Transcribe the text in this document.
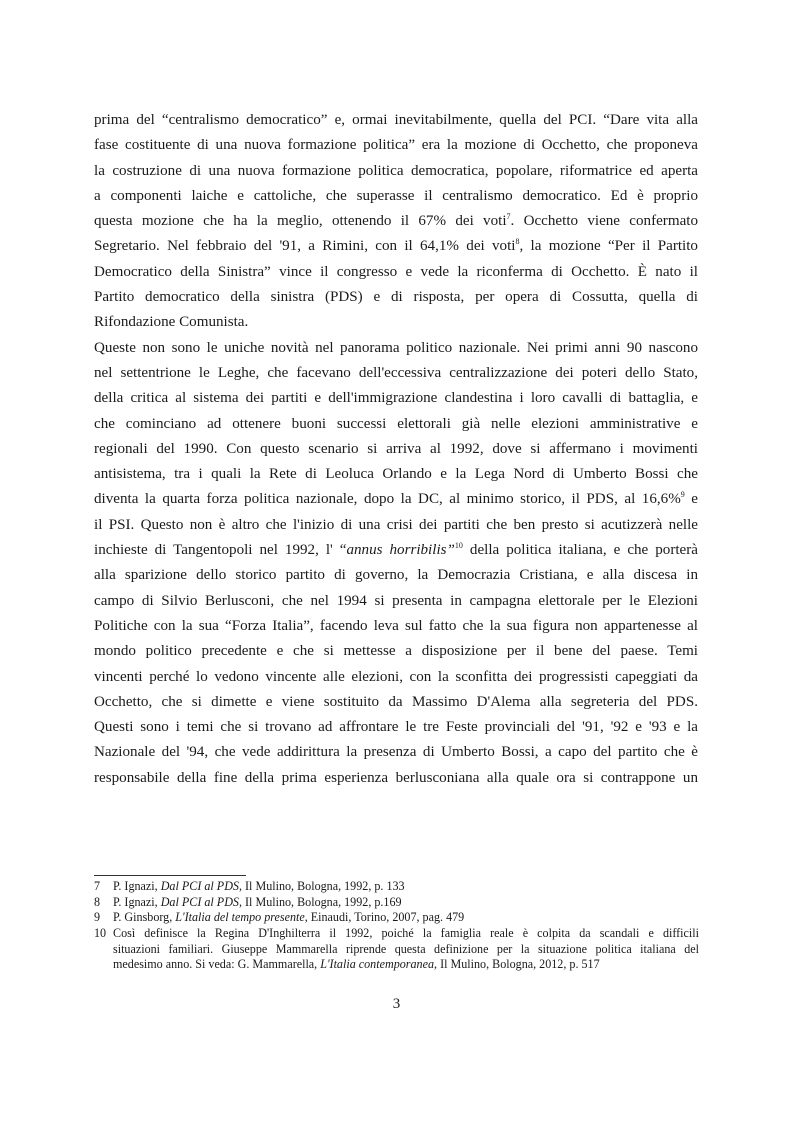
prima del “centralismo democratico” e, ormai inevitabilmente, quella del PCI. “Dare vita alla
fase costituente di una nuova formazione politica” era la mozione di Occhetto, che proponeva
la costruzione di una nuova formazione politica democratica, popolare, riformatrice ed aperta
a componenti laiche e cattoliche, che superasse il centralismo democratico. Ed è proprio
questa mozione che ha la meglio, ottenendo il 67% dei voti$^7$. Occhetto viene confermato
Segretario. Nel febbraio del '91, a Rimini, con il 64,1% dei voti$^8$, la mozione “Per il Partito
Democratico della Sinistra” vince il congresso e vede la riconferma di Occhetto. È nato il
Partito democratico della sinistra (PDS) e di risposta, per opera di Cossutta, quella di
Rifondazione Comunista.
Queste non sono le uniche novità nel panorama politico nazionale. Nei primi anni 90 nascono
nel settentrione le Leghe, che facevano dell'eccessiva centralizzazione dei poteri dello Stato,
della critica al sistema dei partiti e dell'immigrazione clandestina i loro cavalli di battaglia, e
che cominciano ad ottenere buoni successi elettorali già nelle elezioni amministrative e
regionali del 1990. Con questo scenario si arriva al 1992, dove si affermano i movimenti
antisistema, tra i quali la Rete di Leoluca Orlando e la Lega Nord di Umberto Bossi che
diventa la quarta forza politica nazionale, dopo la DC, al minimo storico, il PDS, al 16,6%$^9$ e
il PSI. Questo non è altro che l'inizio di una crisi dei partiti che ben presto si acutizzerà nelle
inchieste di Tangentopoli nel 1992, l' “annus horribilis”$^{10}$ della politica italiana, e che porterà
alla sparizione dello storico partito di governo, la Democrazia Cristiana, e alla discesa in
campo di Silvio Berlusconi, che nel 1994 si presenta in campagna elettorale per le Elezioni
Politiche con la sua “Forza Italia”, facendo leva sul fatto che la sua figura non appartenesse al
mondo politico precedente e che si mettesse a disposizione per il bene del paese. Temi
vincenti perché lo vedono vincente alle elezioni, con la sconfitta dei progressisti capeggiati da
Occhetto, che si dimette e viene sostituito da Massimo D'Alema alla segreteria del PDS.
Questi sono i temi che si trovano ad affrontare le tre Feste provinciali del '91, '92 e '93 e la
Nazionale del '94, che vede addirittura la presenza di Umberto Bossi, a capo del partito che è
responsabile della fine della prima esperienza berlusconiana alla quale ora si contrappone un
7 P. Ignazi, Dal PCI al PDS, Il Mulino, Bologna, 1992, p. 133
8 P. Ignazi, Dal PCI al PDS, Il Mulino, Bologna, 1992, p.169
9 P. Ginsborg, L'Italia del tempo presente, Einaudi, Torino, 2007, pag. 479
10 Così definisce la Regina D'Inghilterra il 1992, poiché la famiglia reale è colpita da scandali e difficili
situazioni familiari. Giuseppe Mammarella riprende questa definizione per la situazione politica italiana del
medesimo anno. Si veda: G. Mammarella, L'Italia contemporanea, Il Mulino, Bologna, 2012, p. 517
3
